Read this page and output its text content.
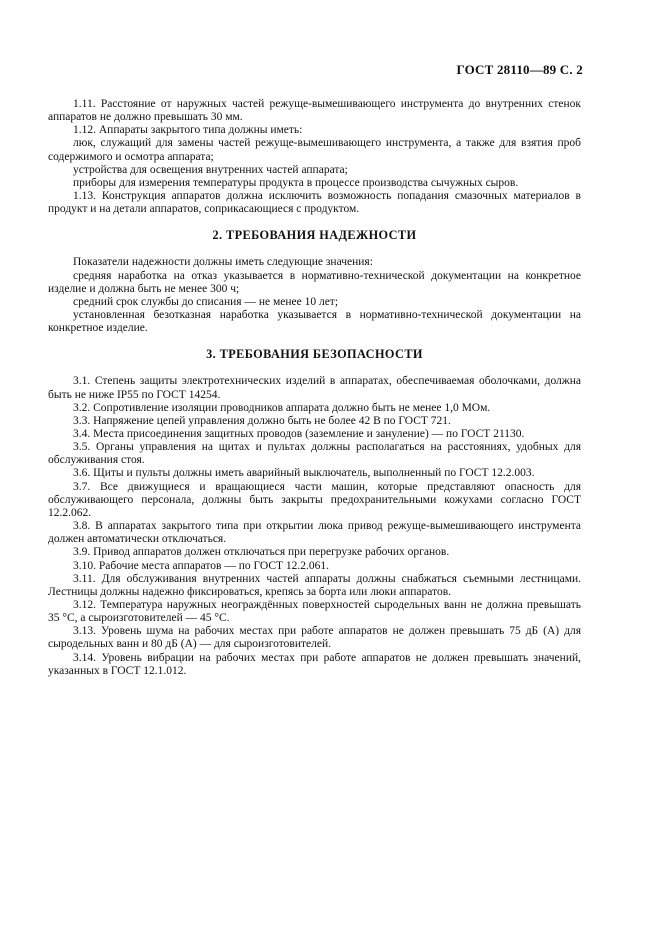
ГОСТ 28110—89 С. 2

1.11. Расстояние от наружных частей режуще-вымешивающего инструмента до внутренних стенок аппаратов не должно превышать 30 мм.

1.12. Аппараты закрытого типа должны иметь:

люк, служащий для замены частей режуще-вымешивающего инструмента, а также для взятия проб содержимого и осмотра аппарата;

устройства для освещения внутренних частей аппарата;

приборы для измерения температуры продукта в процессе производства сычужных сыров.

1.13. Конструкция аппаратов должна исключить возможность попадания смазочных материалов в продукт и на детали аппаратов, соприкасающиеся с продуктом.

2. ТРЕБОВАНИЯ НАДЕЖНОСТИ

Показатели надежности должны иметь следующие значения:

средняя наработка на отказ указывается в нормативно-технической документации на конкретное изделие и должна быть не менее 300 ч;

средний срок службы до списания — не менее 10 лет;

установленная безотказная наработка указывается в нормативно-технической документации на конкретное изделие.

3. ТРЕБОВАНИЯ БЕЗОПАСНОСТИ

3.1. Степень защиты электротехнических изделий в аппаратах, обеспечиваемая оболочками, должна быть не ниже IP55 по ГОСТ 14254.

3.2. Сопротивление изоляции проводников аппарата должно быть не менее 1,0 МОм.

3.3. Напряжение цепей управления должно быть не более 42 В по ГОСТ 721.

3.4. Места присоединения защитных проводов (заземление и зануление) — по ГОСТ 21130.

3.5. Органы управления на щитах и пультах должны располагаться на расстояниях, удобных для обслуживания стоя.

3.6. Щиты и пульты должны иметь аварийный выключатель, выполненный по ГОСТ 12.2.003.

3.7. Все движущиеся и вращающиеся части машин, которые представляют опасность для обслуживающего персонала, должны быть закрыты предохранительными кожухами согласно ГОСТ 12.2.062.

3.8. В аппаратах закрытого типа при открытии люка привод режуще-вымешивающего инструмента должен автоматически отключаться.

3.9. Привод аппаратов должен отключаться при перегрузке рабочих органов.

3.10. Рабочие места аппаратов — по ГОСТ 12.2.061.

3.11. Для обслуживания внутренних частей аппараты должны снабжаться съемными лестницами. Лестницы должны надежно фиксироваться, крепясь за борта или люки аппаратов.

3.12. Температура наружных неограждённых поверхностей сыродельных ванн не должна превышать 35 °С, а сыроизготовителей — 45 °С.

3.13. Уровень шума на рабочих местах при работе аппаратов не должен превышать 75 дБ (А) для сыродельных ванн и 80 дБ (А) — для сыроизготовителей.

3.14. Уровень вибрации на рабочих местах при работе аппаратов не должен превышать значений, указанных в ГОСТ 12.1.012.
